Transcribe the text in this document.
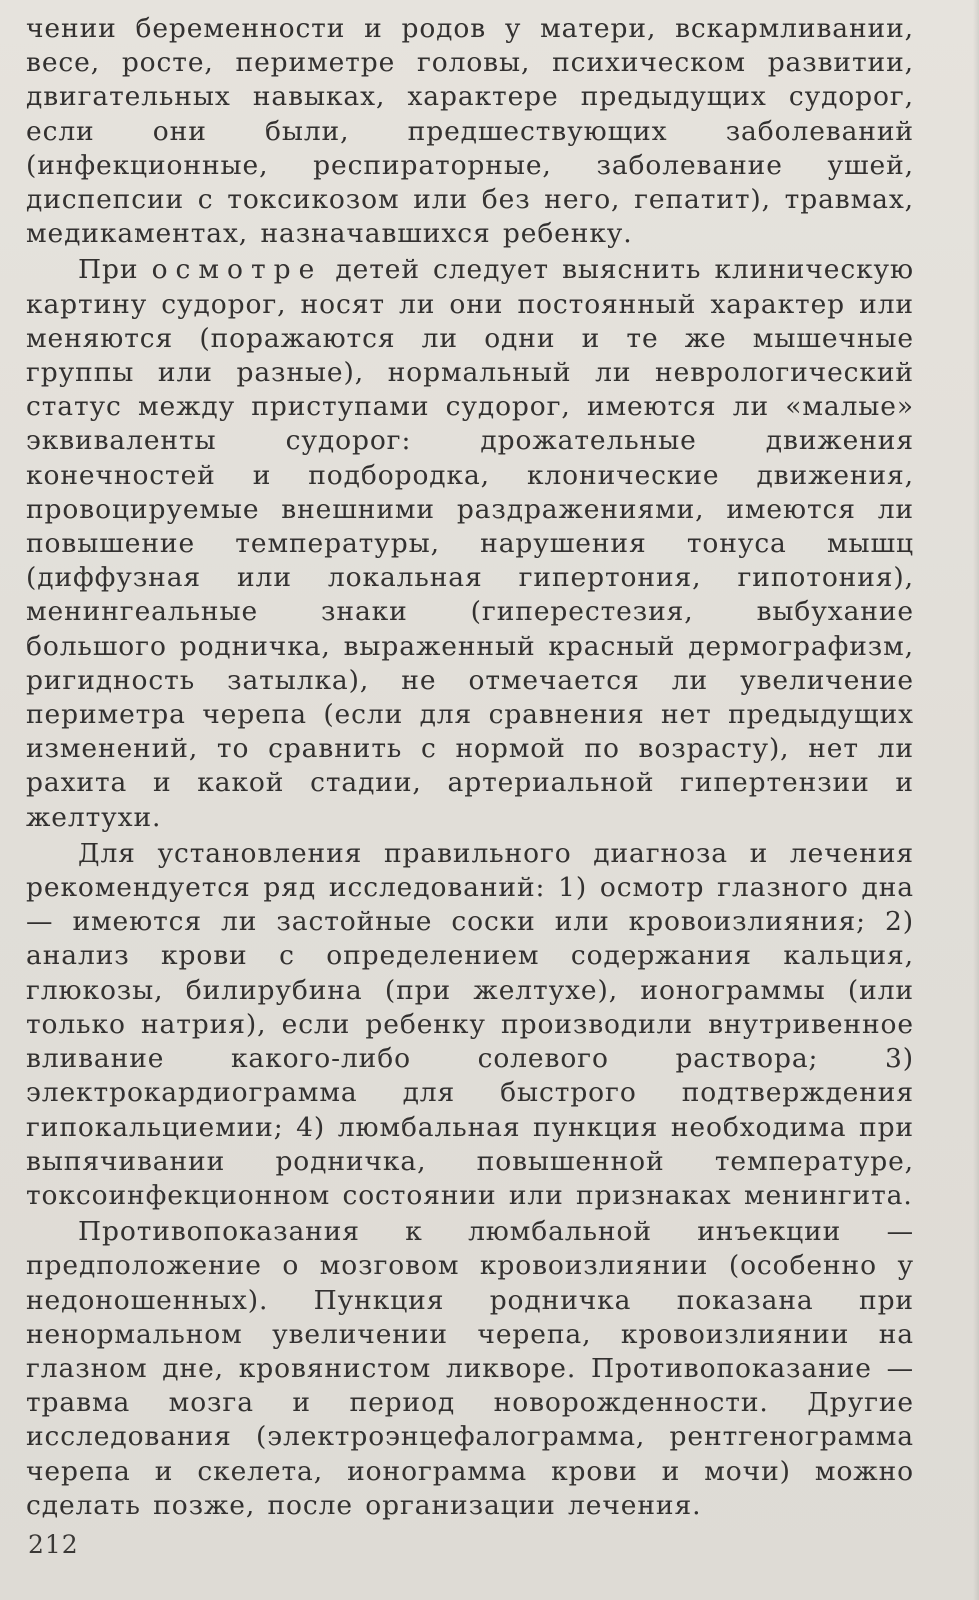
чении беременности и родов у матери, вскармливании, весе, росте, периметре головы, психическом развитии, двигательных навыках, характере предыдущих судорог, если они были, предшествующих заболеваний (инфекционные, респираторные, заболевание ушей, диспепсии с токсикозом или без него, гепатит), травмах, медикаментах, назначавшихся ребенку.

При осмотре детей следует выяснить клиническую картину судорог, носят ли они постоянный характер или меняются (поражаются ли одни и те же мышечные группы или разные), нормальный ли неврологический статус между приступами судорог, имеются ли «малые» эквиваленты судорог: дрожательные движения конечностей и подбородка, клонические движения, провоцируемые внешними раздражениями, имеются ли повышение температуры, нарушения тонуса мышц (диффузная или локальная гипертония, гипотония), менингеальные знаки (гиперестезия, выбухание большого родничка, выраженный красный дермографизм, ригидность затылка), не отмечается ли увеличение периметра черепа (если для сравнения нет предыдущих изменений, то сравнить с нормой по возрасту), нет ли рахита и какой стадии, артериальной гипертензии и желтухи.

Для установления правильного диагноза и лечения рекомендуется ряд исследований: 1) осмотр глазного дна — имеются ли застойные соски или кровоизлияния; 2) анализ крови с определением содержания кальция, глюкозы, билирубина (при желтухе), ионограммы (или только натрия), если ребенку производили внутривенное вливание какого-либо солевого раствора; 3) электрокардиограмма для быстрого подтверждения гипокальциемии; 4) люмбальная пункция необходима при выпячивании родничка, повышенной температуре, токсоинфекционном состоянии или признаках менингита.

Противопоказания к люмбальной инъекции — предположение о мозговом кровоизлиянии (особенно у недоношенных). Пункция родничка показана при ненормальном увеличении черепа, кровоизлиянии на глазном дне, кровянистом ликворе. Противопоказание — травма мозга и период новорожденности. Другие исследования (электроэнцефалограмма, рентгенограмма черепа и скелета, ионограмма крови и мочи) можно сделать позже, после организации лечения.

212
